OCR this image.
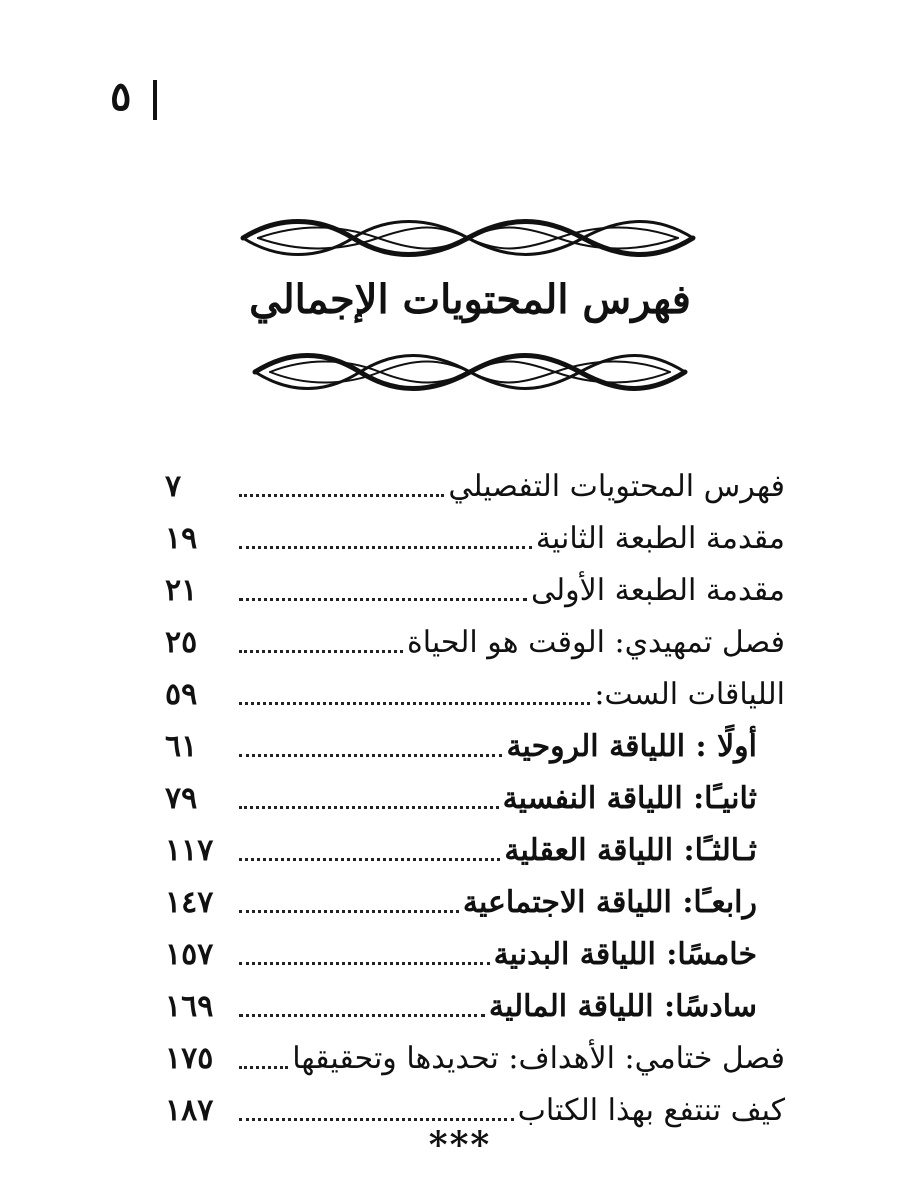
٥
فهرس المحتويات الإجمالي
فهرس المحتويات التفصيلي
٧
مقدمة الطبعة الثانية
١٩
مقدمة الطبعة الأولى
٢١
فصل تمهيدي: الوقت هو الحياة
٢٥
اللياقات الست:
٥٩
أولًا : اللياقة الروحية
٦١
ثانيـًا: اللياقة النفسية
٧٩
ثـالثـًا: اللياقة العقلية
١١٧
رابعـًا: اللياقة الاجتماعية
١٤٧
خامسًا: اللياقة البدنية
١٥٧
سادسًا: اللياقة المالية
١٦٩
فصل ختامي: الأهداف: تحديدها وتحقيقها
١٧٥
كيف تنتفع بهذا الكتاب
١٨٧
***
